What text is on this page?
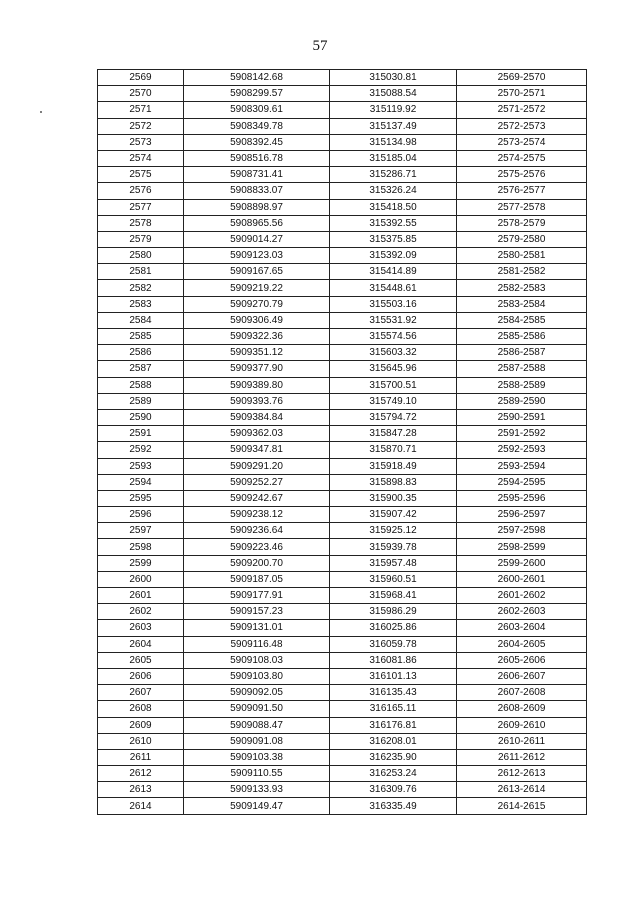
57
2569	5908142.68	315030.81	2569-2570
2570	5908299.57	315088.54	2570-2571
2571	5908309.61	315119.92	2571-2572
2572	5908349.78	315137.49	2572-2573
2573	5908392.45	315134.98	2573-2574
2574	5908516.78	315185.04	2574-2575
2575	5908731.41	315286.71	2575-2576
2576	5908833.07	315326.24	2576-2577
2577	5908898.97	315418.50	2577-2578
2578	5908965.56	315392.55	2578-2579
2579	5909014.27	315375.85	2579-2580
2580	5909123.03	315392.09	2580-2581
2581	5909167.65	315414.89	2581-2582
2582	5909219.22	315448.61	2582-2583
2583	5909270.79	315503.16	2583-2584
2584	5909306.49	315531.92	2584-2585
2585	5909322.36	315574.56	2585-2586
2586	5909351.12	315603.32	2586-2587
2587	5909377.90	315645.96	2587-2588
2588	5909389.80	315700.51	2588-2589
2589	5909393.76	315749.10	2589-2590
2590	5909384.84	315794.72	2590-2591
2591	5909362.03	315847.28	2591-2592
2592	5909347.81	315870.71	2592-2593
2593	5909291.20	315918.49	2593-2594
2594	5909252.27	315898.83	2594-2595
2595	5909242.67	315900.35	2595-2596
2596	5909238.12	315907.42	2596-2597
2597	5909236.64	315925.12	2597-2598
2598	5909223.46	315939.78	2598-2599
2599	5909200.70	315957.48	2599-2600
2600	5909187.05	315960.51	2600-2601
2601	5909177.91	315968.41	2601-2602
2602	5909157.23	315986.29	2602-2603
2603	5909131.01	316025.86	2603-2604
2604	5909116.48	316059.78	2604-2605
2605	5909108.03	316081.86	2605-2606
2606	5909103.80	316101.13	2606-2607
2607	5909092.05	316135.43	2607-2608
2608	5909091.50	316165.11	2608-2609
2609	5909088.47	316176.81	2609-2610
2610	5909091.08	316208.01	2610-2611
2611	5909103.38	316235.90	2611-2612
2612	5909110.55	316253.24	2612-2613
2613	5909133.93	316309.76	2613-2614
2614	5909149.47	316335.49	2614-2615
